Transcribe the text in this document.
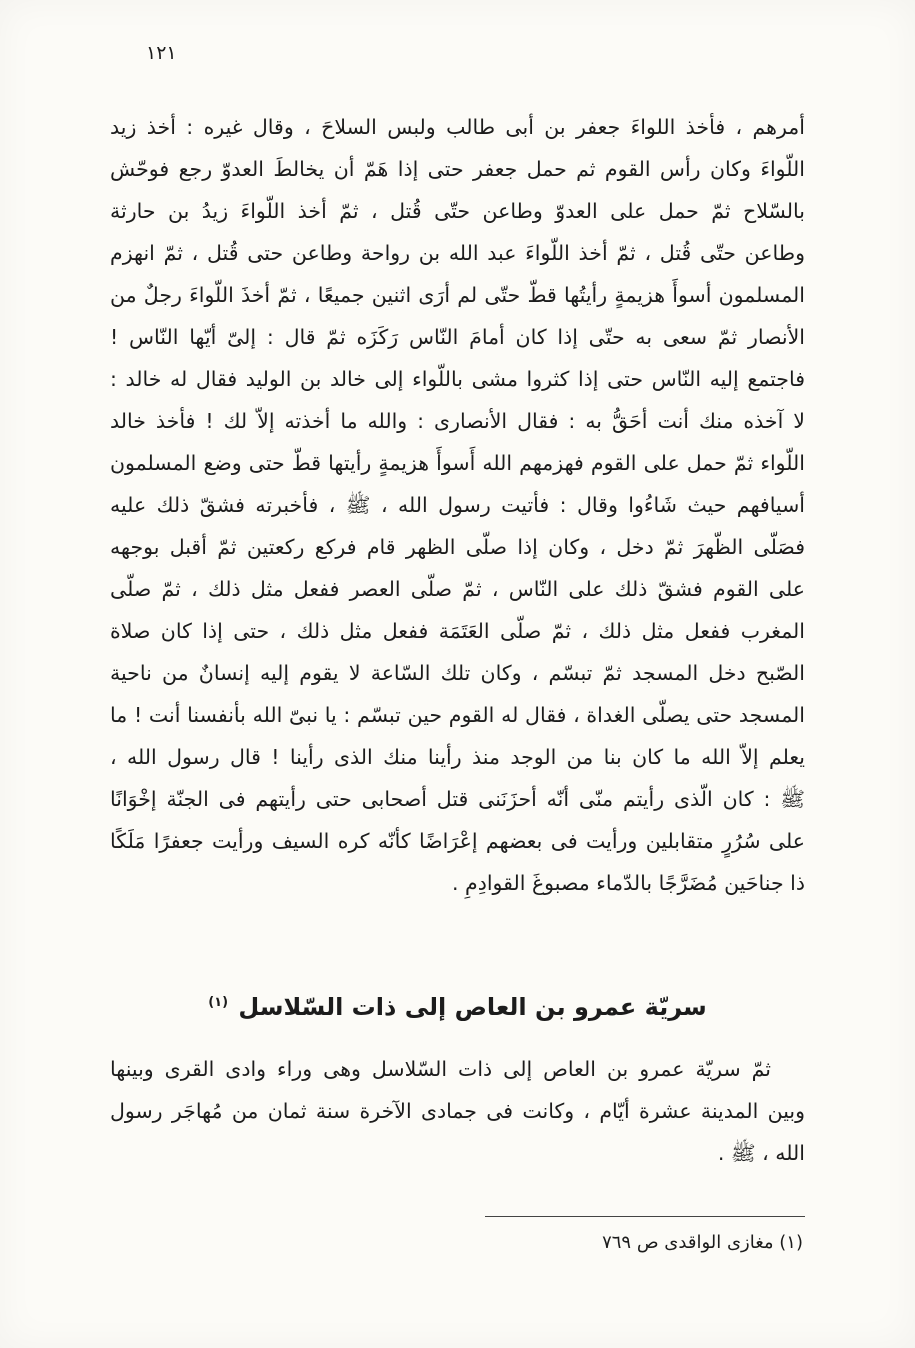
١٢١
أمرهم ، فأخذ اللواءَ جعفر بن أبى طالب ولبس السلاحَ ، وقال غيره : أخذ زيد
اللّواءَ وكان رأس القوم ثم حمل جعفر حتى إذا هَمّ أن يخالطَ العدوّ رجع فوحّش
بالسّلاح ثمّ حمل على العدوّ وطاعن حتّى قُتل ، ثمّ أخذ اللّواءَ زيدُ بن حارثة
وطاعن حتّى قُتل ، ثمّ أخذ اللّواءَ عبد الله بن رواحة وطاعن حتى قُتل ، ثمّ انهزم
المسلمون أسوأَ هزيمةٍ رأيتُها قطّ حتّى لم أرَى اثنين جميعًا ، ثمّ أخذَ اللّواءَ رجلٌ من
الأنصار ثمّ سعى به حتّى إذا كان أمامَ النّاس رَكَزَه ثمّ قال : إلىّ أيّها النّاس !
فاجتمع إليه النّاس حتى إذا كثروا مشى باللّواء إلى خالد بن الوليد فقال له خالد :
لا آخذه منك أنت أحَقُّ به : فقال الأنصارى : والله ما أخذته إلاّ لك ! فأخذ خالد
اللّواء ثمّ حمل على القوم فهزمهم الله أَسوأَ هزيمةٍ رأيتها قطّ حتى وضع المسلمون
أسيافهم حيث شَاءُوا وقال : فأتيت رسول الله ، ﷺ ، فأخبرته فشقّ ذلك عليه
فصَلّى الظّهرَ ثمّ دخل ، وكان إذا صلّى الظهر قام فركع ركعتين ثمّ أقبل بوجهه
على القوم فشقّ ذلك على النّاس ، ثمّ صلّى العصر ففعل مثل ذلك ، ثمّ صلّى
المغرب ففعل مثل ذلك ، ثمّ صلّى العَتَمَة ففعل مثل ذلك ، حتى إذا كان صلاة
الصّبح دخل المسجد ثمّ تبسّم ، وكان تلك السّاعة لا يقوم إليه إنسانٌ من ناحية
المسجد حتى يصلّى الغداة ، فقال له القوم حين تبسّم : يا نبىّ الله بأنفسنا أنت ! ما
يعلم إلاّ الله ما كان بنا من الوجد منذ رأينا منك الذى رأينا ! قال رسول الله ،
ﷺ : كان الّذى رأيتم منّى أنّه أحزَنَنى قتل أصحابى حتى رأيتهم فى الجنّة إخْوَانًا
على سُرُرٍ متقابلين ورأيت فى بعضهم إعْرَاضًا كأنّه كره السيف ورأيت جعفرًا مَلَكًا
ذا جناحَين مُضَرَّجًا بالدّماء مصبوغَ القوادِمِ .
سريّة عمرو بن العاص إلى ذات السّلاسل $^{(١)}$
ثمّ سريّة عمرو بن العاص إلى ذات السّلاسل وهى وراء وادى القرى وبينها
وبين المدينة عشرة أيّام ، وكانت فى جمادى الآخرة سنة ثمان من مُهاجَر رسول
الله ، ﷺ .
(١) مغازى الواقدى ص ٧٦٩
